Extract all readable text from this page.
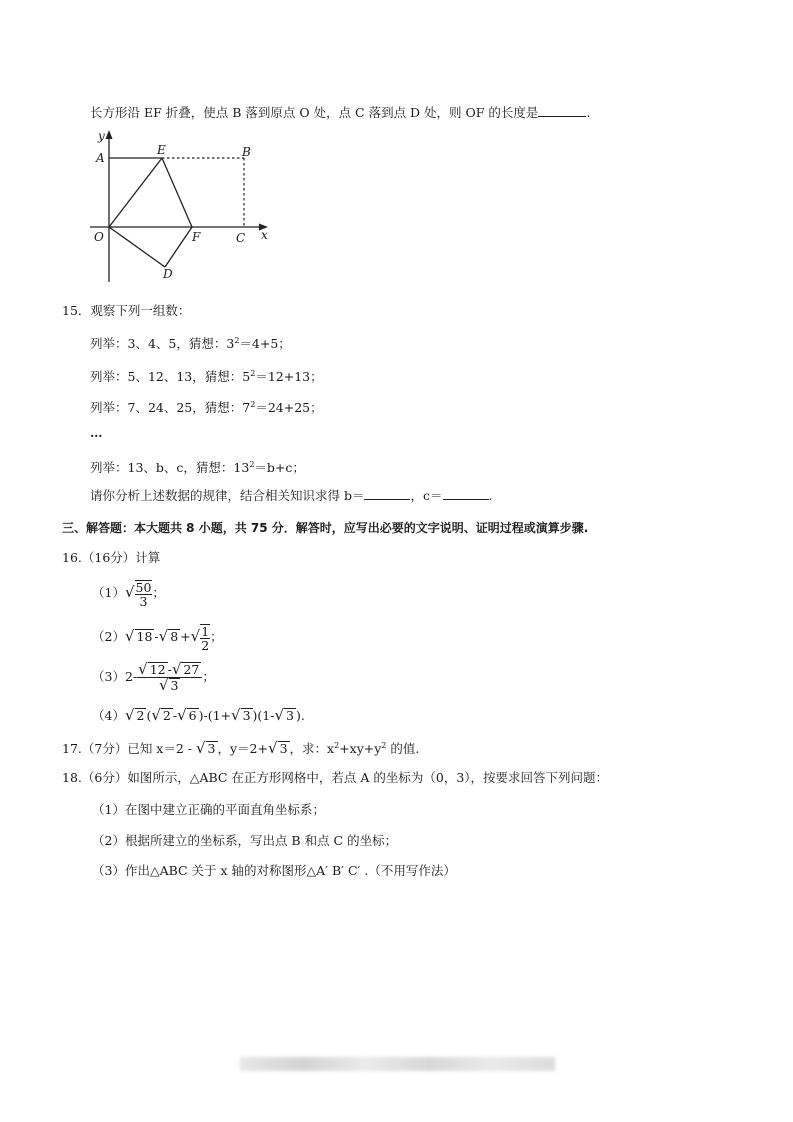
长方形沿 EF 折叠，使点 B 落到原点 O 处，点 C 落到点 D 处，则 OF 的长度是	.
y
A
E	B
O	F	C x
D
15．观察下列一组数：
列举：3、4、5，猜想：$3^2=4+5$；
列举：5、12、13，猜想：$5^2=12+13$；
列举：7、24、25，猜想：$7^2=24+25$；
…
列举：13、b、c，猜想：$13^2=b+c$；
请你分析上述数据的规律，结合相关知识求得 b＝	，c＝	.
三、解答题：本大题共 8 小题，共 75 分．解答时，应写出必要的文字说明、证明过程或演算步骤.
16.（16分）计算
$(1)√ \frac{50}{3}$ ；
（2）√ 18 -√ 8 +√ $\frac{1}{2}$ ；
$(3)2- \frac{√ 12 -√ 27}{√ 3}$ ；
（4）√ 2 (√ 2 -√ 6 )-(1+√ 3 )(1-√ 3 ).
17.（7分）已知 x＝2 - √ 3 ，y＝2+√ 3 ，求：$x^2+xy+y^2$ 的值.
18.（6分）如图所示，△ABC 在正方形网格中，若点 A 的坐标为（0，3），按要求回答下列问题：
（1）在图中建立正确的平面直角坐标系；
（2）根据所建立的坐标系，写出点 B 和点 C 的坐标；
（3）作出△ABC 关于 x 轴的对称图形△A′ B′ C′ .（不用写作法）
